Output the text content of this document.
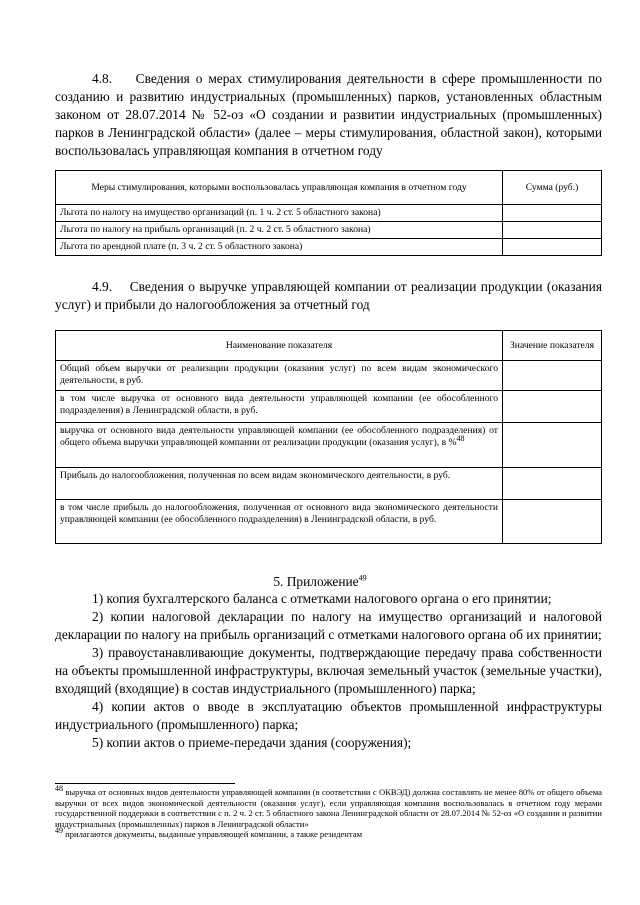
4.8. Сведения о мерах стимулирования деятельности в сфере промышленности по созданию и развитию индустриальных (промышленных) парков, установленных областным законом от 28.07.2014 № 52-оз «О создании и развитии индустриальных (промышленных) парков в Ленинградской области» (далее – меры стимулирования, областной закон), которыми воспользовалась управляющая компания в отчетном году

Меры стимулирования, которыми воспользовалась управляющая компания в отчетном году	Сумма (руб.)
Льгота по налогу на имущество организаций (п. 1 ч. 2 ст. 5 областного закона)	
Льгота по налогу на прибыль организаций (п. 2 ч. 2 ст. 5 областного закона)	
Льгота по арендной плате (п. 3 ч. 2 ст. 5 областного закона)	

4.9. Сведения о выручке управляющей компании от реализации продукции (оказания услуг) и прибыли до налогообложения за отчетный год

Наименование показателя	Значение показателя
Общий объем выручки от реализации продукции (оказания услуг) по всем видам экономического деятельности, в руб.	
в том числе выручка от основного вида деятельности управляющей компании (ее обособленного подразделения) в Ленинградской области, в руб.	
выручка от основного вида деятельности управляющей компании (ее обособленного подразделения) от общего объема выручки управляющей компании от реализации продукции (оказания услуг), в %$^{48}$	
Прибыль до налогообложения, полученная по всем видам экономического деятельности, в руб.	
в том числе прибыль до налогообложения, полученная от основного вида экономического деятельности управляющей компании (ее обособленного подразделения) в Ленинградской области, в руб.	

5. Приложение$^{49}$

1) копия бухгалтерского баланса с отметками налогового органа о его принятии;
2) копии налоговой декларации по налогу на имущество организаций и налоговой декларации по налогу на прибыль организаций с отметками налогового органа об их принятии;
3) правоустанавливающие документы, подтверждающие передачу права собственности на объекты промышленной инфраструктуры, включая земельный участок (земельные участки), входящий (входящие) в состав индустриального (промышленного) парка;
4) копии актов о вводе в эксплуатацию объектов промышленной инфраструктуры индустриального (промышленного) парка;
5) копии актов о приеме-передачи здания (сооружения);

$^{48}$ выручка от основных видов деятельности управляющей компании (в соответствии с ОКВЭД) должна составлять не менее 80% от общего объема выручки от всех видов экономической деятельности (оказания услуг), если управляющая компания воспользовалась в отчетном году мерами государственной поддержки в соответствии с п. 2 ч. 2 ст. 5 областного закона Ленинградской области от 28.07.2014 № 52-оз «О создании и развитии индустриальных (промышленных) парков в Ленинградской области»

$^{49}$ прилагаются документы, выданные управляющей компании, а также резидентам
